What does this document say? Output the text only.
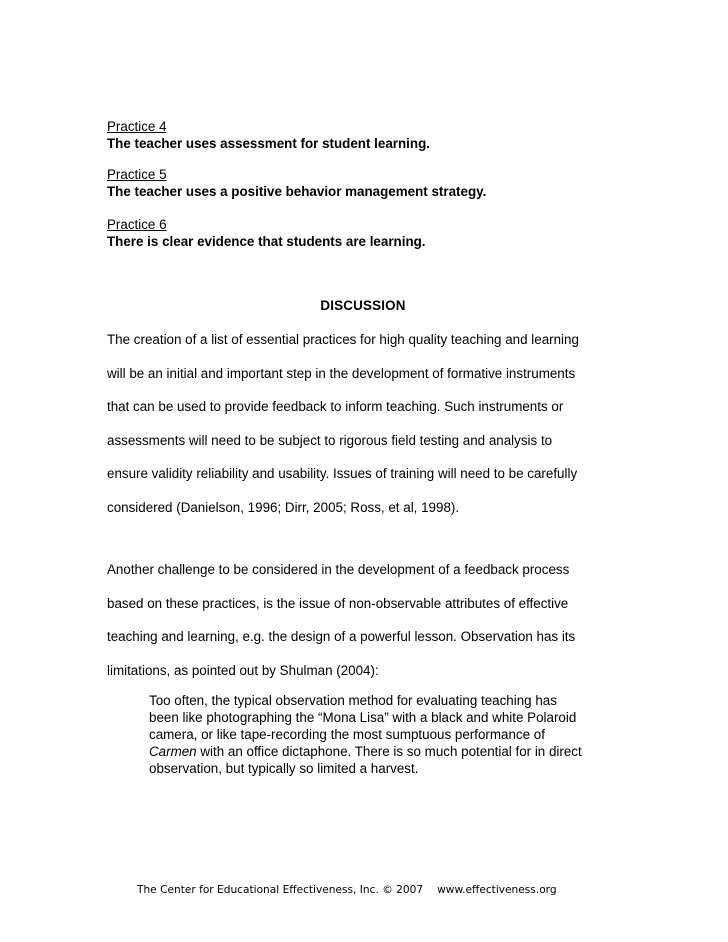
Practice 4
The teacher uses assessment for student learning.
Practice 5
The teacher uses a positive behavior management strategy.
Practice 6
There is clear evidence that students are learning.
DISCUSSION
The creation of a list of essential practices for high quality teaching and learning
will be an initial and important step in the development of formative instruments
that can be used to provide feedback to inform teaching. Such instruments or
assessments will need to be subject to rigorous field testing and analysis to
ensure validity reliability and usability. Issues of training will need to be carefully
considered (Danielson, 1996; Dirr, 2005; Ross, et al, 1998).
Another challenge to be considered in the development of a feedback process
based on these practices, is the issue of non-observable attributes of effective
teaching and learning, e.g. the design of a powerful lesson. Observation has its
limitations, as pointed out by Shulman (2004):
Too often, the typical observation method for evaluating teaching has
been like photographing the “Mona Lisa” with a black and white Polaroid
camera, or like tape-recording the most sumptuous performance of
Carmen with an office dictaphone. There is so much potential for in direct
observation, but typically so limited a harvest.
The Center for Educational Effectiveness, Inc. © 2007 www.effectiveness.org
